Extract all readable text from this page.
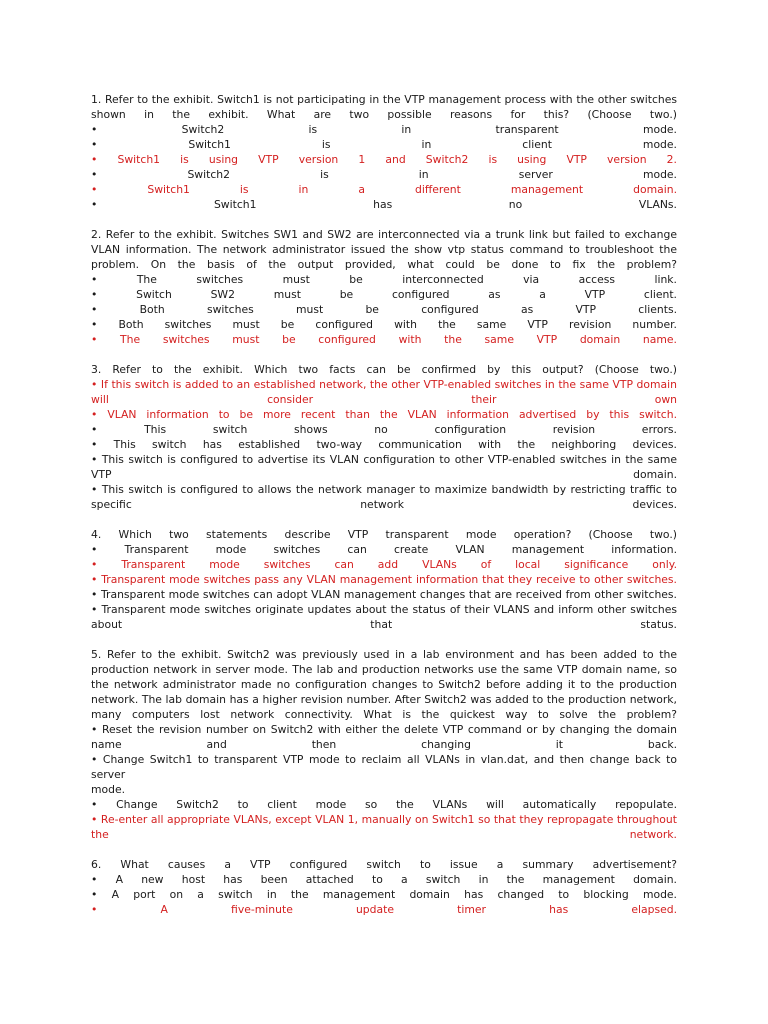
1. Refer to the exhibit. Switch1 is not participating in the VTP management process with the other switches
shown in the exhibit. What are two possible reasons for this? (Choose two.)
• Switch2 is in transparent mode.
• Switch1 is in client mode.
• Switch1 is using VTP version 1 and Switch2 is using VTP version 2.
• Switch2 is in server mode.
• Switch1 is in a different management domain.
• Switch1 has no VLANs.
2. Refer to the exhibit. Switches SW1 and SW2 are interconnected via a trunk link but failed to exchange
VLAN information. The network administrator issued the show vtp status command to troubleshoot the
problem. On the basis of the output provided, what could be done to fix the problem?
• The switches must be interconnected via access link.
• Switch SW2 must be configured as a VTP client.
• Both switches must be configured as VTP clients.
• Both switches must be configured with the same VTP revision number.
• The switches must be configured with the same VTP domain name.
3. Refer to the exhibit. Which two facts can be confirmed by this output? (Choose two.)
• If this switch is added to an established network, the other VTP-enabled switches in the same VTP domain
will consider their own
• VLAN information to be more recent than the VLAN information advertised by this switch.
• This switch shows no configuration revision errors.
• This switch has established two-way communication with the neighboring devices.
• This switch is configured to advertise its VLAN configuration to other VTP-enabled switches in the same
VTP domain.
• This switch is configured to allows the network manager to maximize bandwidth by restricting traffic to
specific network devices.
4. Which two statements describe VTP transparent mode operation? (Choose two.)
• Transparent mode switches can create VLAN management information.
• Transparent mode switches can add VLANs of local significance only.
• Transparent mode switches pass any VLAN management information that they receive to other switches.
• Transparent mode switches can adopt VLAN management changes that are received from other switches.
• Transparent mode switches originate updates about the status of their VLANS and inform other switches
about that status.
5. Refer to the exhibit. Switch2 was previously used in a lab environment and has been added to the
production network in server mode. The lab and production networks use the same VTP domain name, so
the network administrator made no configuration changes to Switch2 before adding it to the production
network. The lab domain has a higher revision number. After Switch2 was added to the production network,
many computers lost network connectivity. What is the quickest way to solve the problem?
• Reset the revision number on Switch2 with either the delete VTP command or by changing the domain
name and then changing it back.
• Change Switch1 to transparent VTP mode to reclaim all VLANs in vlan.dat, and then change back to server
mode.
• Change Switch2 to client mode so the VLANs will automatically repopulate.
• Re-enter all appropriate VLANs, except VLAN 1, manually on Switch1 so that they repropagate throughout
the network.
6. What causes a VTP configured switch to issue a summary advertisement?
• A new host has been attached to a switch in the management domain.
• A port on a switch in the management domain has changed to blocking mode.
• A five-minute update timer has elapsed.
